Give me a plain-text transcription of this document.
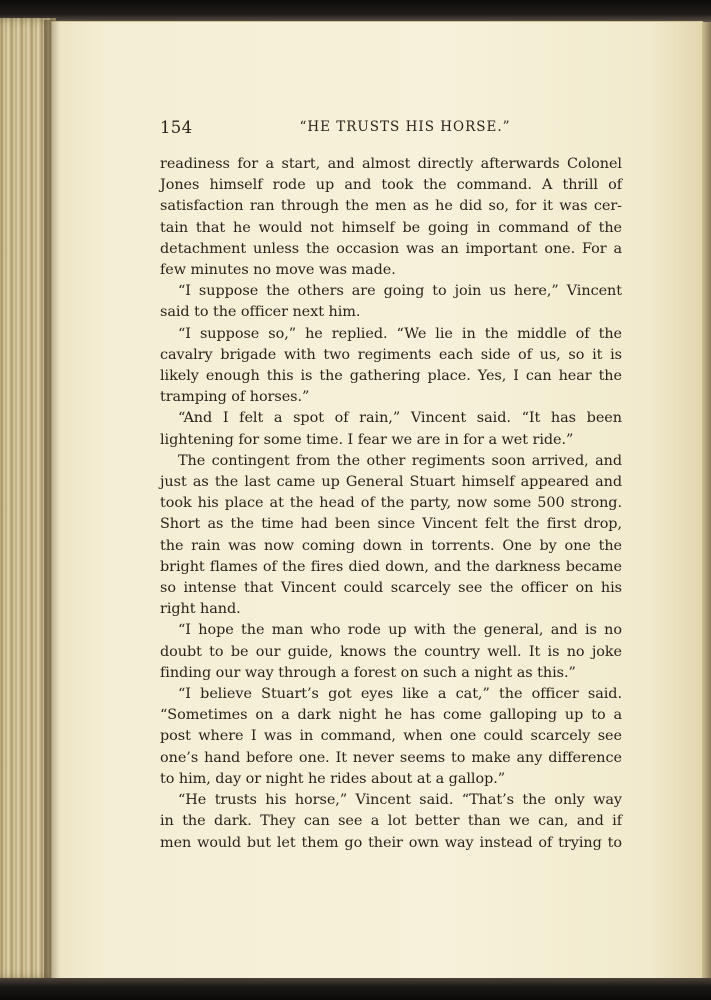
154	“HE TRUSTS HIS HORSE.”
readiness for a start, and almost directly afterwards Colonel
Jones himself rode up and took the command. A thrill of
satisfaction ran through the men as he did so, for it was cer-
tain that he would not himself be going in command of the
detachment unless the occasion was an important one. For a
few minutes no move was made.
“I suppose the others are going to join us here,” Vincent
said to the officer next him.
“I suppose so,” he replied. “We lie in the middle of the
cavalry brigade with two regiments each side of us, so it is
likely enough this is the gathering place. Yes, I can hear the
tramping of horses.”
“And I felt a spot of rain,” Vincent said. “It has been
lightening for some time. I fear we are in for a wet ride.”
The contingent from the other regiments soon arrived, and
just as the last came up General Stuart himself appeared and
took his place at the head of the party, now some 500 strong.
Short as the time had been since Vincent felt the first drop,
the rain was now coming down in torrents. One by one the
bright flames of the fires died down, and the darkness became
so intense that Vincent could scarcely see the officer on his
right hand.
“I hope the man who rode up with the general, and is no
doubt to be our guide, knows the country well. It is no joke
finding our way through a forest on such a night as this.”
“I believe Stuart’s got eyes like a cat,” the officer said.
“Sometimes on a dark night he has come galloping up to a
post where I was in command, when one could scarcely see
one’s hand before one. It never seems to make any difference
to him, day or night he rides about at a gallop.”
“He trusts his horse,” Vincent said. “That’s the only way
in the dark. They can see a lot better than we can, and if
men would but let them go their own way instead of trying to
